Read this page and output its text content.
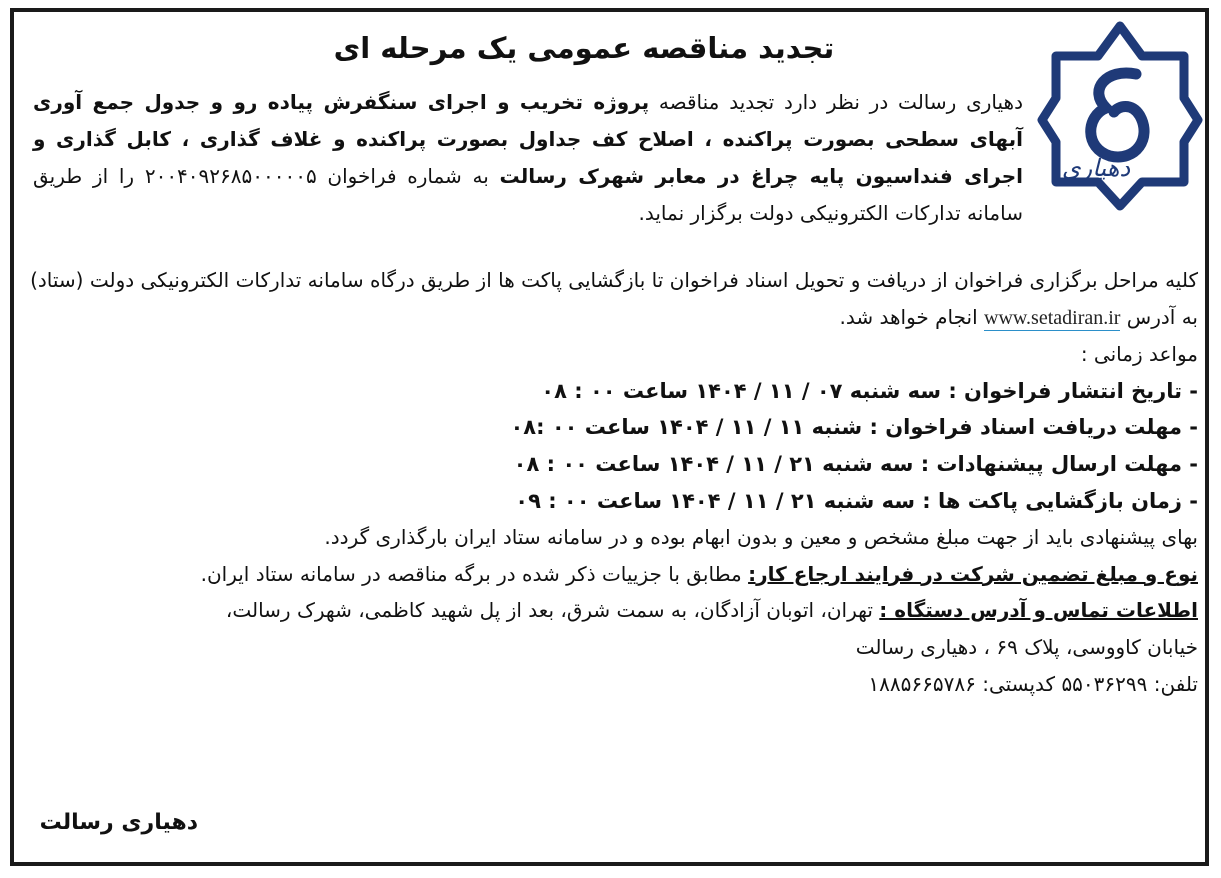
تجدید مناقصه عمومی یک مرحله ای
دهیاری
دهیاری رسالت در نظر دارد تجدید مناقصه پروژه تخریب و اجرای سنگفرش پیاده رو و جدول جمع آوری آبهای سطحی بصورت پراکنده ، اصلاح کف جداول بصورت پراکنده و غلاف گذاری ، کابل گذاری و اجرای فنداسیون پایه چراغ در معابر شهرک رسالت به شماره فراخوان ۲۰۰۴۰۹۲۶۸۵۰۰۰۰۰۵ را از طریق سامانه تدارکات الکترونیکی دولت برگزار نماید.
کلیه مراحل برگزاری فراخوان از دریافت و تحویل اسناد فراخوان تا بازگشایی پاکت ها از طریق درگاه سامانه تدارکات الکترونیکی دولت (ستاد) به آدرس www.setadiran.ir انجام خواهد شد.
مواعد زمانی :
- تاریخ انتشار فراخوان : سه شنبه ۰۷ / ۱۱ / ۱۴۰۴ ساعت ۰۰ : ۰۸
- مهلت دریافت اسناد فراخوان : شنبه ۱۱ / ۱۱ / ۱۴۰۴ ساعت ۰۰ :۰۸
- مهلت ارسال پیشنهادات : سه شنبه ۲۱ / ۱۱ / ۱۴۰۴ ساعت ۰۰ : ۰۸
- زمان بازگشایی پاکت ها : سه شنبه ۲۱ / ۱۱ / ۱۴۰۴ ساعت ۰۰ : ۰۹
بهای پیشنهادی باید از جهت مبلغ مشخص و معین و بدون ابهام بوده و در سامانه ستاد ایران بارگذاری گردد.
نوع و مبلغ تضمین شرکت در فرایند ارجاع کار: مطابق با جزییات ذکر شده در برگه مناقصه در سامانه ستاد ایران.
اطلاعات تماس و آدرس دستگاه : تهران، اتوبان آزادگان، به سمت شرق، بعد از پل شهید کاظمی، شهرک رسالت،
خیابان کاووسی، پلاک ۶۹ ، دهیاری رسالت
تلفن: ۵۵۰۳۶۲۹۹ کدپستی: ۱۸۸۵۶۶۵۷۸۶
دهیاری رسالت
